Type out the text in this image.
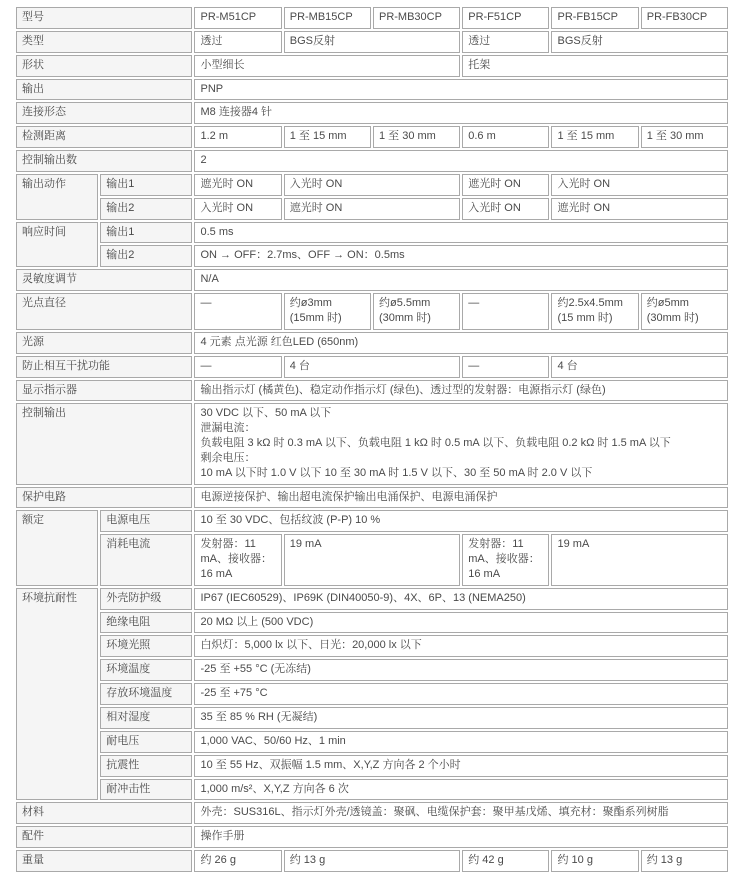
型号		PR-M51CP	PR-MB15CP	PR-MB30CP	PR-F51CP	PR-FB15CP	PR-FB30CP
类型		透过	BGS反射		透过	BGS反射	
形状		小型细长			托架		
输出		PNP					
连接形态		M8 连接器4 针					
检测距离		1.2 m	1 至 15 mm	1 至 30 mm	0.6 m	1 至 15 mm	1 至 30 mm
控制输出数		2					
输出动作	输出1	遮光时 ON	入光时 ON		遮光时 ON	入光时 ON	
	输出2	入光时 ON	遮光时 ON		入光时 ON	遮光时 ON	
响应时间	输出1	0.5 ms					
	输出2	ON → OFF：2.7ms、OFF → ON：0.5ms					
灵敏度调节		N/A					
光点直径		—	约ø3mm (15mm 时)	约ø5.5mm (30mm 时)	—	约2.5x4.5mm (15 mm 时)	约ø5mm (30mm 时)
光源		4 元素 点光源 红色LED (650nm)					
防止相互干扰功能		—	4 台		—	4 台	
显示指示器		输出指示灯 (橘黄色)、稳定动作指示灯 (绿色)、透过型的发射器：电源指示灯 (绿色)					
控制输出		30 VDC 以下、50 mA 以下
泄漏电流：
负载电阻 3 kΩ 时 0.3 mA 以下、负载电阻 1 kΩ 时 0.5 mA 以下、负载电阻 0.2 kΩ 时 1.5 mA 以下
剩余电压：
10 mA 以下时 1.0 V 以下 10 至 30 mA 时 1.5 V 以下、30 至 50 mA 时 2.0 V 以下					

保护电路		电源逆接保护、输出超电流保护输出电涌保护、电源电涌保护					
额定	电源电压	10 至 30 VDC、包括纹波 (P-P) 10 %					
	消耗电流	发射器：11 mA、接收器：16 mA	19 mA		发射器：11 mA、接收器：16 mA	19 mA	
环境抗耐性	外壳防护级	IP67 (IEC60529)、IP69K (DIN40050-9)、4X、6P、13 (NEMA250)					
	绝缘电阻	20 MΩ 以上 (500 VDC)					
	环境光照	白炽灯：5,000 lx 以下、日光：20,000 lx 以下					
	环境温度	-25 至 +55 °C (无冻结)					
	存放环境温度	-25 至 +75 °C					
	相对湿度	35 至 85 % RH (无凝结)					
	耐电压	1,000 VAC、50/60 Hz、1 min					
	抗震性	10 至 55 Hz、双振幅 1.5 mm、X,Y,Z 方向各 2 个小时					
	耐冲击性	1,000 m/s²、X,Y,Z 方向各 6 次					
材料		外壳：SUS316L、指示灯外壳/透镜盖：聚砜、电缆保护套：聚甲基戊烯、填充材：聚酯系列树脂					
配件		操作手册					
重量		约 26 g	约 13 g		约 42 g	约 10 g	约 13 g
